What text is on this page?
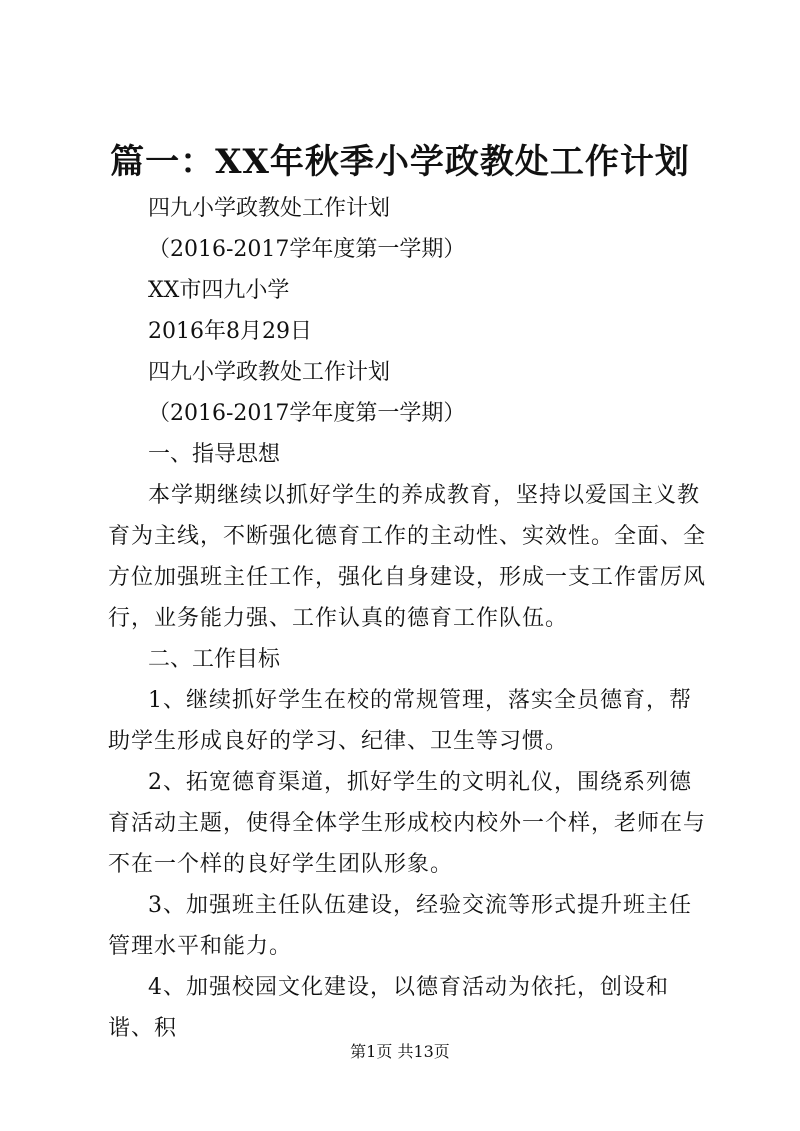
篇一：XX年秋季小学政教处工作计划
四九小学政教处工作计划
（2016-2017学年度第一学期）
XX市四九小学
2016年8月29日
四九小学政教处工作计划
（2016-2017学年度第一学期）
一、指导思想

本学期继续以抓好学生的养成教育，坚持以爱国主义教育为主线，不断强化德育工作的主动性、实效性。全面、全方位加强班主任工作，强化自身建设，形成一支工作雷厉风行，业务能力强、工作认真的德育工作队伍。

二、工作目标

1、继续抓好学生在校的常规管理，落实全员德育，帮助学生形成良好的学习、纪律、卫生等习惯。

2、拓宽德育渠道，抓好学生的文明礼仪，围绕系列德育活动主题，使得全体学生形成校内校外一个样，老师在与不在一个样的良好学生团队形象。

3、加强班主任队伍建设，经验交流等形式提升班主任管理水平和能力。

4、加强校园文化建设，以德育活动为依托，创设和谐、积

第1页 共13页
